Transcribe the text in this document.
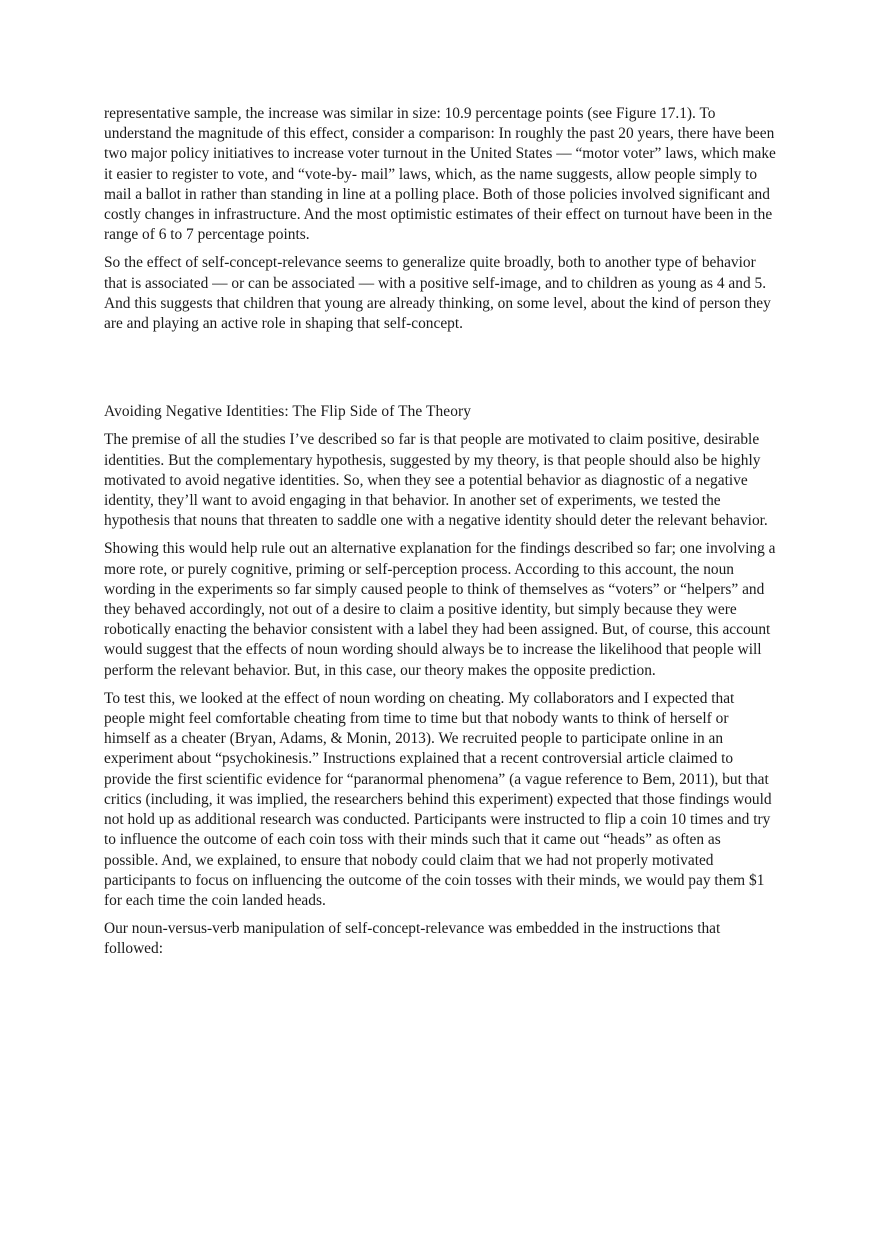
representative sample, the increase was similar in size: 10.9 percentage points (see Figure 17.1). To understand the magnitude of this effect, consider a comparison: In roughly the past 20 years, there have been two major policy initiatives to increase voter turnout in the United States — “motor voter” laws, which make it easier to register to vote, and “vote-by- mail” laws, which, as the name suggests, allow people simply to mail a ballot in rather than standing in line at a polling place. Both of those policies involved significant and costly changes in infrastructure. And the most optimistic estimates of their effect on turnout have been in the range of 6 to 7 percentage points.

So the effect of self-concept-relevance seems to generalize quite broadly, both to another type of behavior that is associated — or can be associated — with a positive self-image, and to children as young as 4 and 5. And this suggests that children that young are already thinking, on some level, about the kind of person they are and playing an active role in shaping that self-concept.

Avoiding Negative Identities: The Flip Side of The Theory

The premise of all the studies I’ve described so far is that people are motivated to claim positive, desirable identities. But the complementary hypothesis, suggested by my theory, is that people should also be highly motivated to avoid negative identities. So, when they see a potential behavior as diagnostic of a negative identity, they’ll want to avoid engaging in that behavior. In another set of experiments, we tested the hypothesis that nouns that threaten to saddle one with a negative identity should deter the relevant behavior.

Showing this would help rule out an alternative explanation for the findings described so far; one involving a more rote, or purely cognitive, priming or self-perception process. According to this account, the noun wording in the experiments so far simply caused people to think of themselves as “voters” or “helpers” and they behaved accordingly, not out of a desire to claim a positive identity, but simply because they were robotically enacting the behavior consistent with a label they had been assigned. But, of course, this account would suggest that the effects of noun wording should always be to increase the likelihood that people will perform the relevant behavior. But, in this case, our theory makes the opposite prediction.

To test this, we looked at the effect of noun wording on cheating. My collaborators and I expected that people might feel comfortable cheating from time to time but that nobody wants to think of herself or himself as a cheater (Bryan, Adams, & Monin, 2013). We recruited people to participate online in an experiment about “psychokinesis.” Instructions explained that a recent controversial article claimed to provide the first scientific evidence for “paranormal phenomena” (a vague reference to Bem, 2011), but that critics (including, it was implied, the researchers behind this experiment) expected that those findings would not hold up as additional research was conducted. Participants were instructed to flip a coin 10 times and try to influence the outcome of each coin toss with their minds such that it came out “heads” as often as possible. And, we explained, to ensure that nobody could claim that we had not properly motivated participants to focus on influencing the outcome of the coin tosses with their minds, we would pay them $1 for each time the coin landed heads.

Our noun-versus-verb manipulation of self-concept-relevance was embedded in the instructions that followed:
